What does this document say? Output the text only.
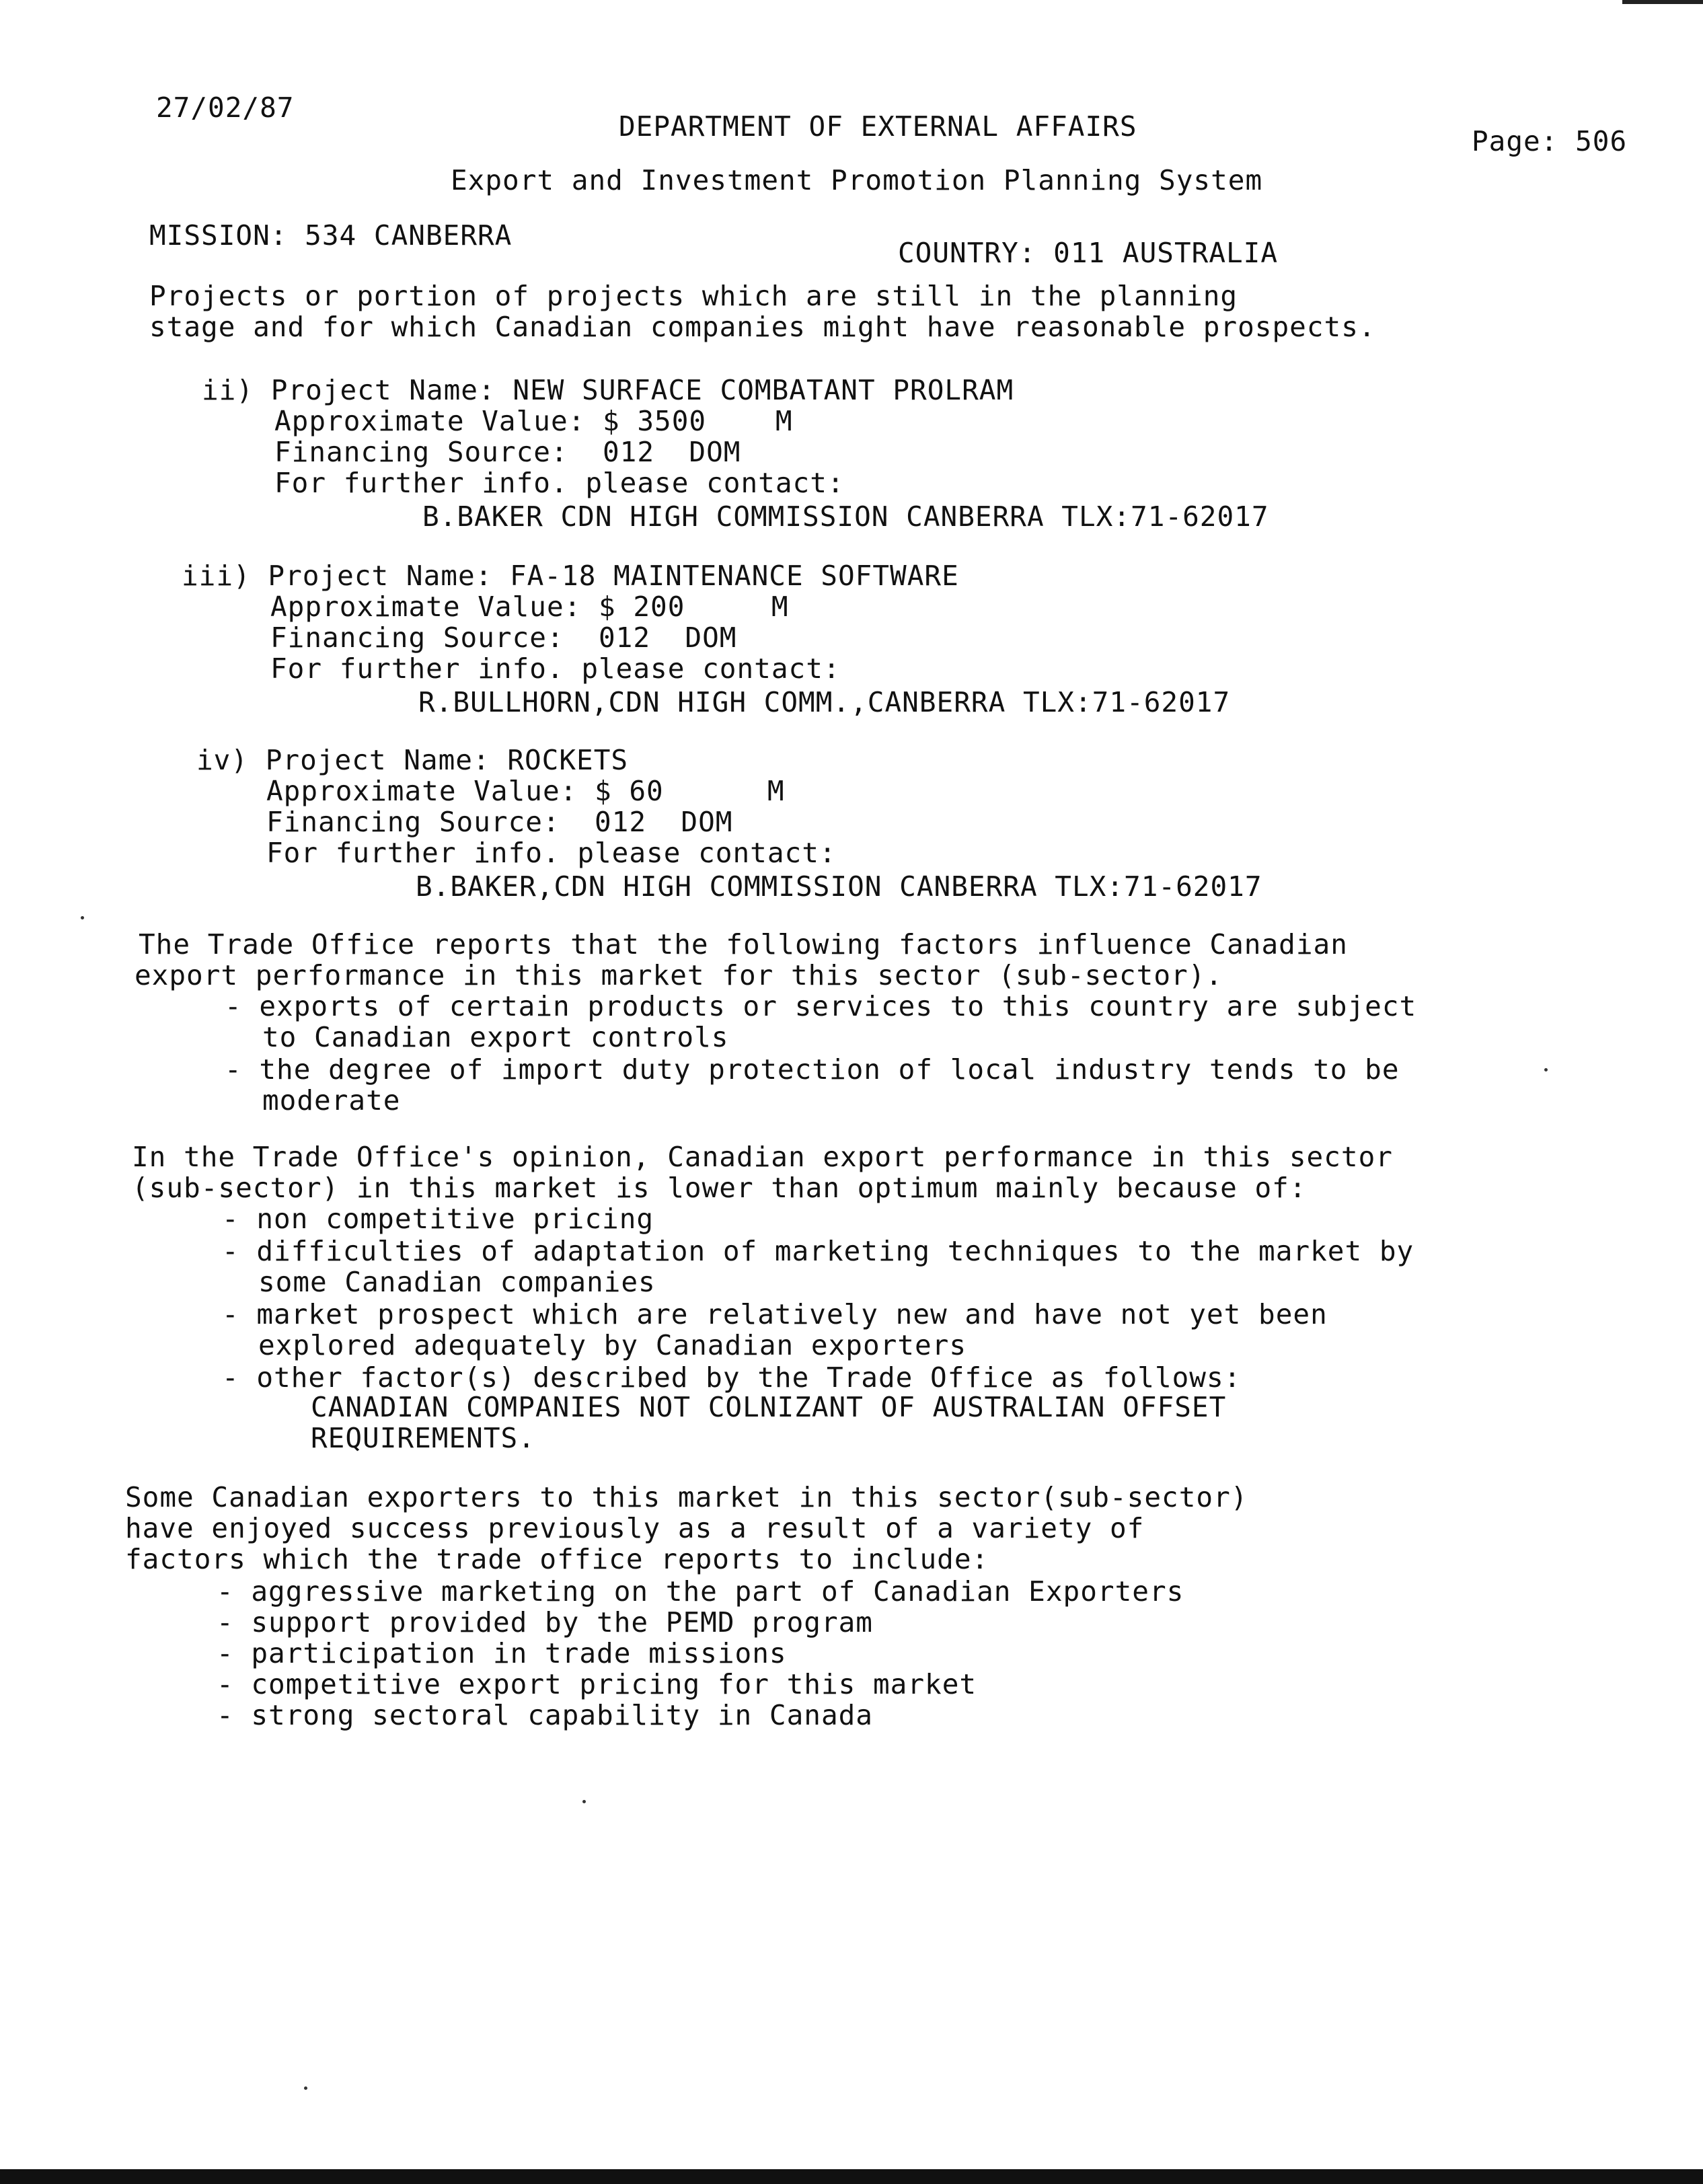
27/02/87
DEPARTMENT OF EXTERNAL AFFAIRS	Page: 506
Export and Investment Promotion Planning System
MISSION: 534 CANBERRA
COUNTRY: 011 AUSTRALIA
Projects or portion of projects which are still in the planning
stage and for which Canadian companies might have reasonable prospects.
ii) Project Name: NEW SURFACE COMBATANT PROLRAM
Approximate Value: $ 3500    M
Financing Source:  012  DOM
For further info. please contact:
B.BAKER CDN HIGH COMMISSION CANBERRA TLX:71-62017
iii) Project Name: FA-18 MAINTENANCE SOFTWARE
Approximate Value: $ 200     M
Financing Source:  012  DOM
For further info. please contact:
R.BULLHORN,CDN HIGH COMM.,CANBERRA TLX:71-62017
iv) Project Name: ROCKETS
Approximate Value: $ 60      M
Financing Source:  012  DOM
For further info. please contact:
B.BAKER,CDN HIGH COMMISSION CANBERRA TLX:71-62017
The Trade Office reports that the following factors influence Canadian
export performance in this market for this sector (sub-sector).
- exports of certain products or services to this country are subject
to Canadian export controls
- the degree of import duty protection of local industry tends to be
moderate
In the Trade Office's opinion, Canadian export performance in this sector
(sub-sector) in this market is lower than optimum mainly because of:
- non competitive pricing
- difficulties of adaptation of marketing techniques to the market by
some Canadian companies
- market prospect which are relatively new and have not yet been
explored adequately by Canadian exporters
- other factor(s) described by the Trade Office as follows:
CANADIAN COMPANIES NOT COLNIZANT OF AUSTRALIAN OFFSET
REQUIREMENTS.
Some Canadian exporters to this market in this sector(sub-sector)
have enjoyed success previously as a result of a variety of
factors which the trade office reports to include:
- aggressive marketing on the part of Canadian Exporters
- support provided by the PEMD program
- participation in trade missions
- competitive export pricing for this market
- strong sectoral capability in Canada
